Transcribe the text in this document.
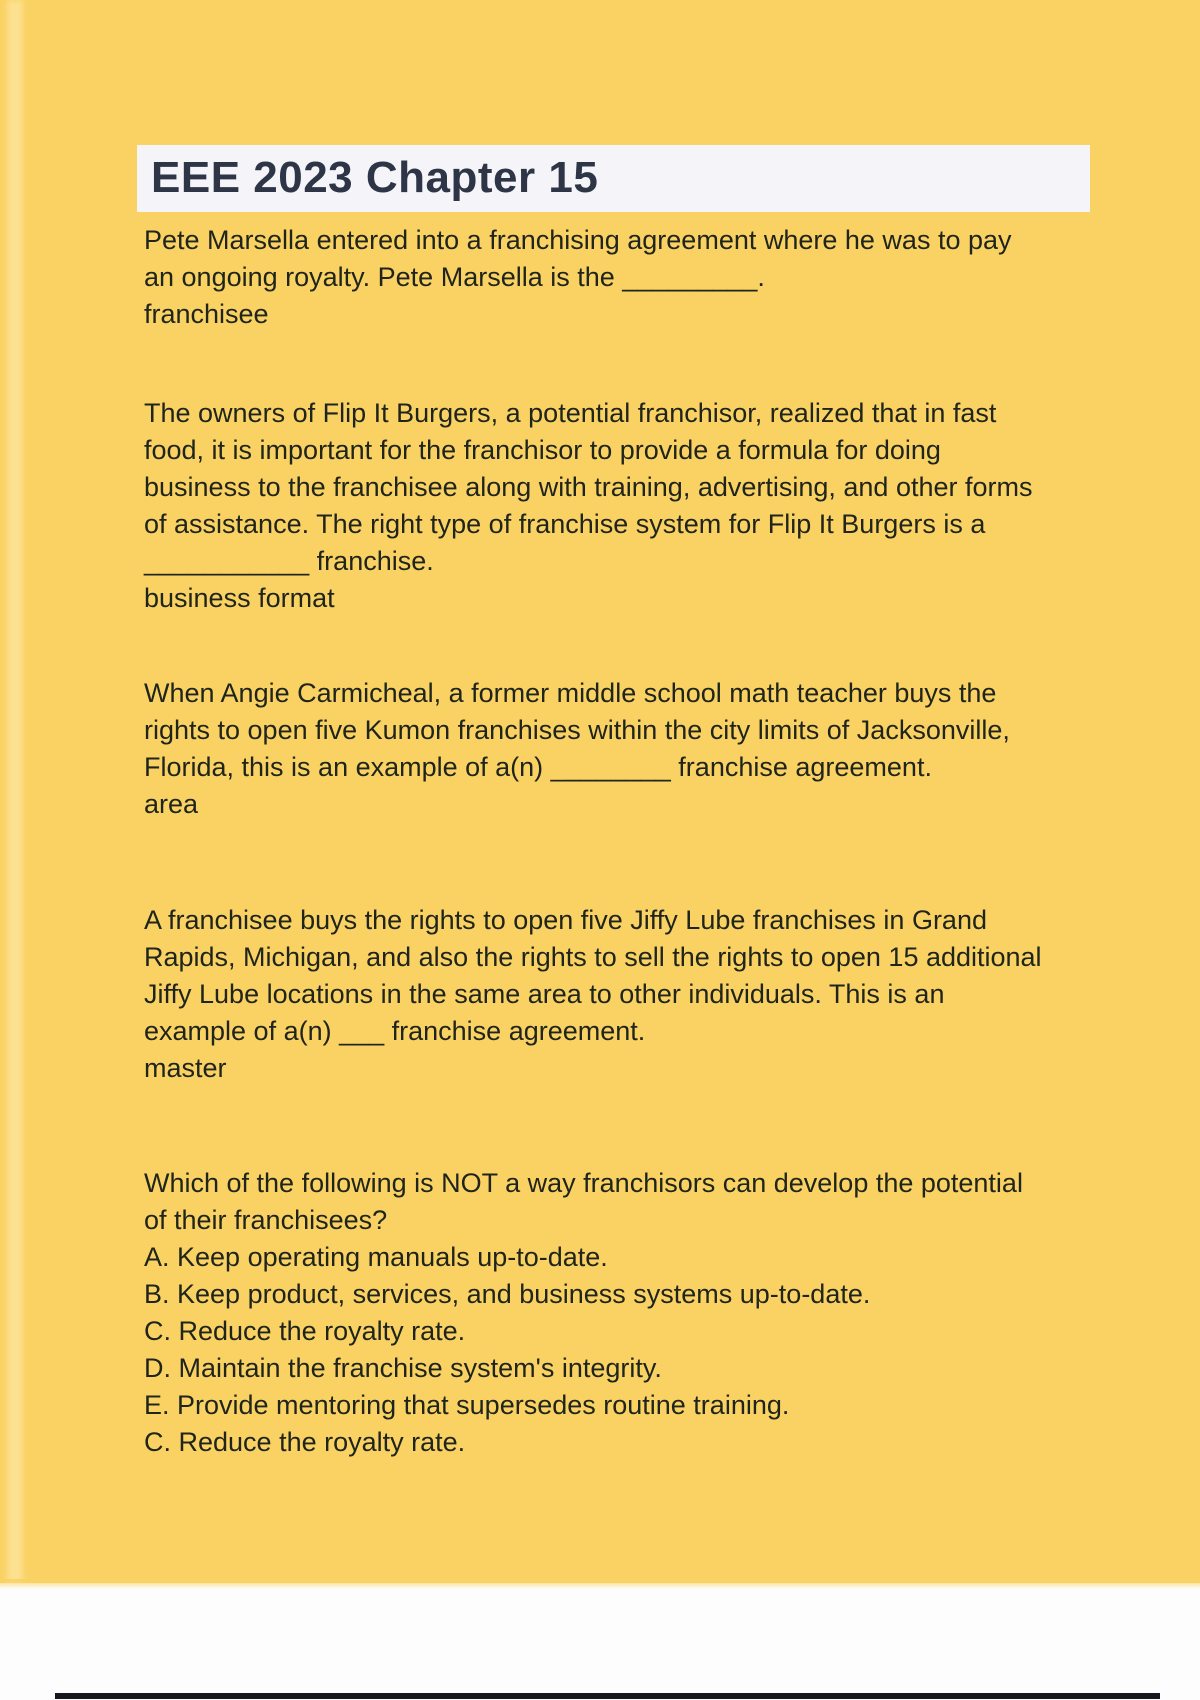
EEE 2023 Chapter 15
Pete Marsella entered into a franchising agreement where he was to pay
an ongoing royalty. Pete Marsella is the _________.
franchisee
The owners of Flip It Burgers, a potential franchisor, realized that in fast
food, it is important for the franchisor to provide a formula for doing
business to the franchisee along with training, advertising, and other forms
of assistance. The right type of franchise system for Flip It Burgers is a
___________ franchise.
business format
When Angie Carmicheal, a former middle school math teacher buys the
rights to open five Kumon franchises within the city limits of Jacksonville,
Florida, this is an example of a(n) ________ franchise agreement.
area
A franchisee buys the rights to open five Jiffy Lube franchises in Grand
Rapids, Michigan, and also the rights to sell the rights to open 15 additional
Jiffy Lube locations in the same area to other individuals. This is an
example of a(n) ___ franchise agreement.
master
Which of the following is NOT a way franchisors can develop the potential
of their franchisees?
A. Keep operating manuals up-to-date.
B. Keep product, services, and business systems up-to-date.
C. Reduce the royalty rate.
D. Maintain the franchise system's integrity.
E. Provide mentoring that supersedes routine training.
C. Reduce the royalty rate.
